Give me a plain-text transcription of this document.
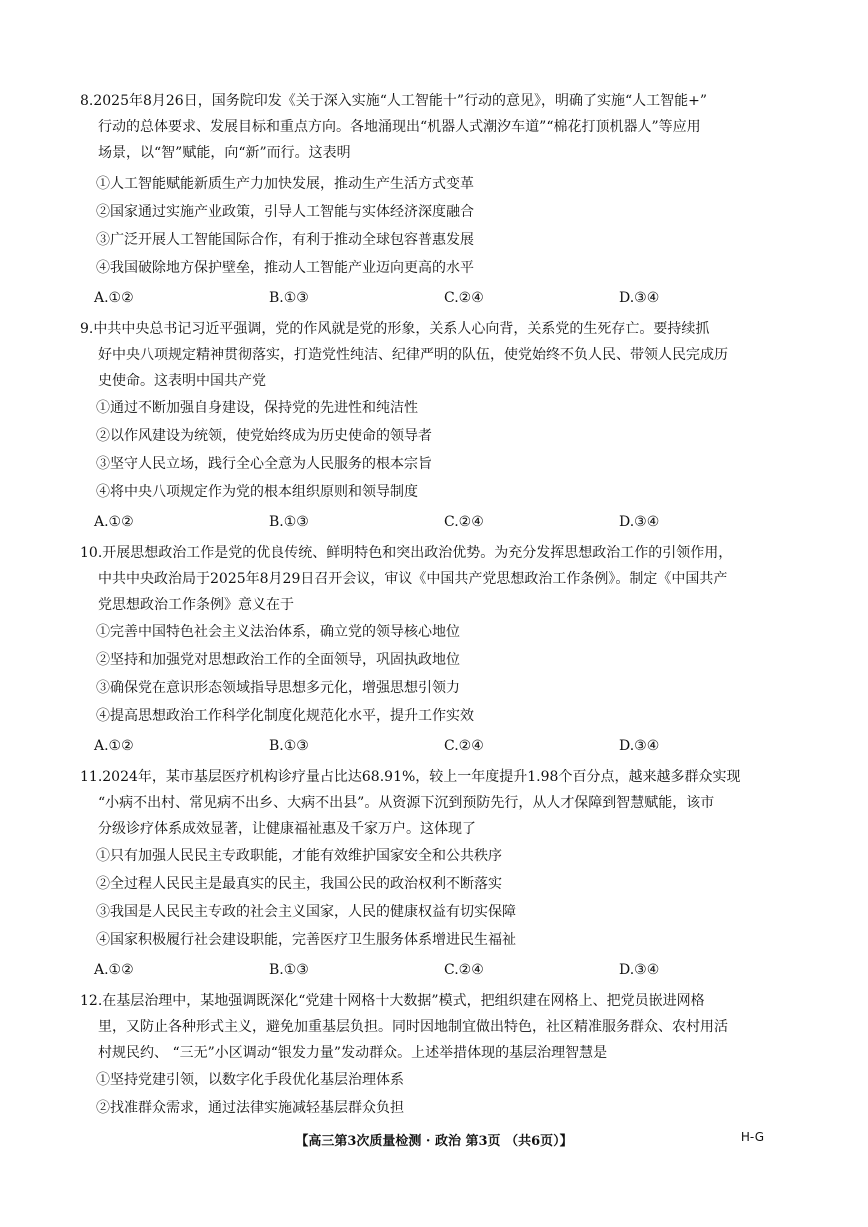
8.2025年8月26日，国务院印发《关于深入实施“人工智能十”行动的意见》，明确了实施“人工智能+”
行动的总体要求、发展目标和重点方向。各地涌现出“机器人式潮汐车道”“棉花打顶机器人”等应用
场景，以“智”赋能，向“新”而行。这表明

①人工智能赋能新质生产力加快发展，推动生产生活方式变革

②国家通过实施产业政策，引导人工智能与实体经济深度融合

③广泛开展人工智能国际合作，有利于推动全球包容普惠发展

④我国破除地方保护壁垒，推动人工智能产业迈向更高的水平

A.①②	B.①③	C.②④	D.③④

9.中共中央总书记习近平强调，党的作风就是党的形象，关系人心向背，关系党的生死存亡。要持续抓
好中央八项规定精神贯彻落实，打造党性纯洁、纪律严明的队伍，使党始终不负人民、带领人民完成历
史使命。这表明中国共产党

①通过不断加强自身建设，保持党的先进性和纯洁性

②以作风建设为统领，使党始终成为历史使命的领导者

③坚守人民立场，践行全心全意为人民服务的根本宗旨

④将中央八项规定作为党的根本组织原则和领导制度

A.①②	B.①③	C.②④	D.③④

10.开展思想政治工作是党的优良传统、鲜明特色和突出政治优势。为充分发挥思想政治工作的引领作用，
中共中央政治局于2025年8月29日召开会议，审议《中国共产党思想政治工作条例》。制定《中国共产
党思想政治工作条例》意义在于

①完善中国特色社会主义法治体系，确立党的领导核心地位

②坚持和加强党对思想政治工作的全面领导，巩固执政地位

③确保党在意识形态领域指导思想多元化，增强思想引领力

④提高思想政治工作科学化制度化规范化水平，提升工作实效

A.①②	B.①③	C.②④	D.③④

11.2024年，某市基层医疗机构诊疗量占比达68.91%，较上一年度提升1.98个百分点，越来越多群众实现
“小病不出村、常见病不出乡、大病不出县”。从资源下沉到预防先行，从人才保障到智慧赋能，该市
分级诊疗体系成效显著，让健康福祉惠及千家万户。这体现了

①只有加强人民民主专政职能，才能有效维护国家安全和公共秩序

②全过程人民民主是最真实的民主，我国公民的政治权利不断落实

③我国是人民民主专政的社会主义国家，人民的健康权益有切实保障

④国家积极履行社会建设职能，完善医疗卫生服务体系增进民生福祉

A.①②	B.①③	C.②④	D.③④

12.在基层治理中，某地强调既深化“党建十网格十大数据”模式，把组织建在网格上、把党员嵌进网格
里，又防止各种形式主义，避免加重基层负担。同时因地制宜做出特色，社区精准服务群众、农村用活
村规民约、 “三无”小区调动“银发力量”发动群众。上述举措体现的基层治理智慧是

①坚持党建引领，以数字化手段优化基层治理体系

②找准群众需求，通过法律实施减轻基层群众负担

【高三第3次质量检测 · 政治 第3页 （共6页）】	H-G
